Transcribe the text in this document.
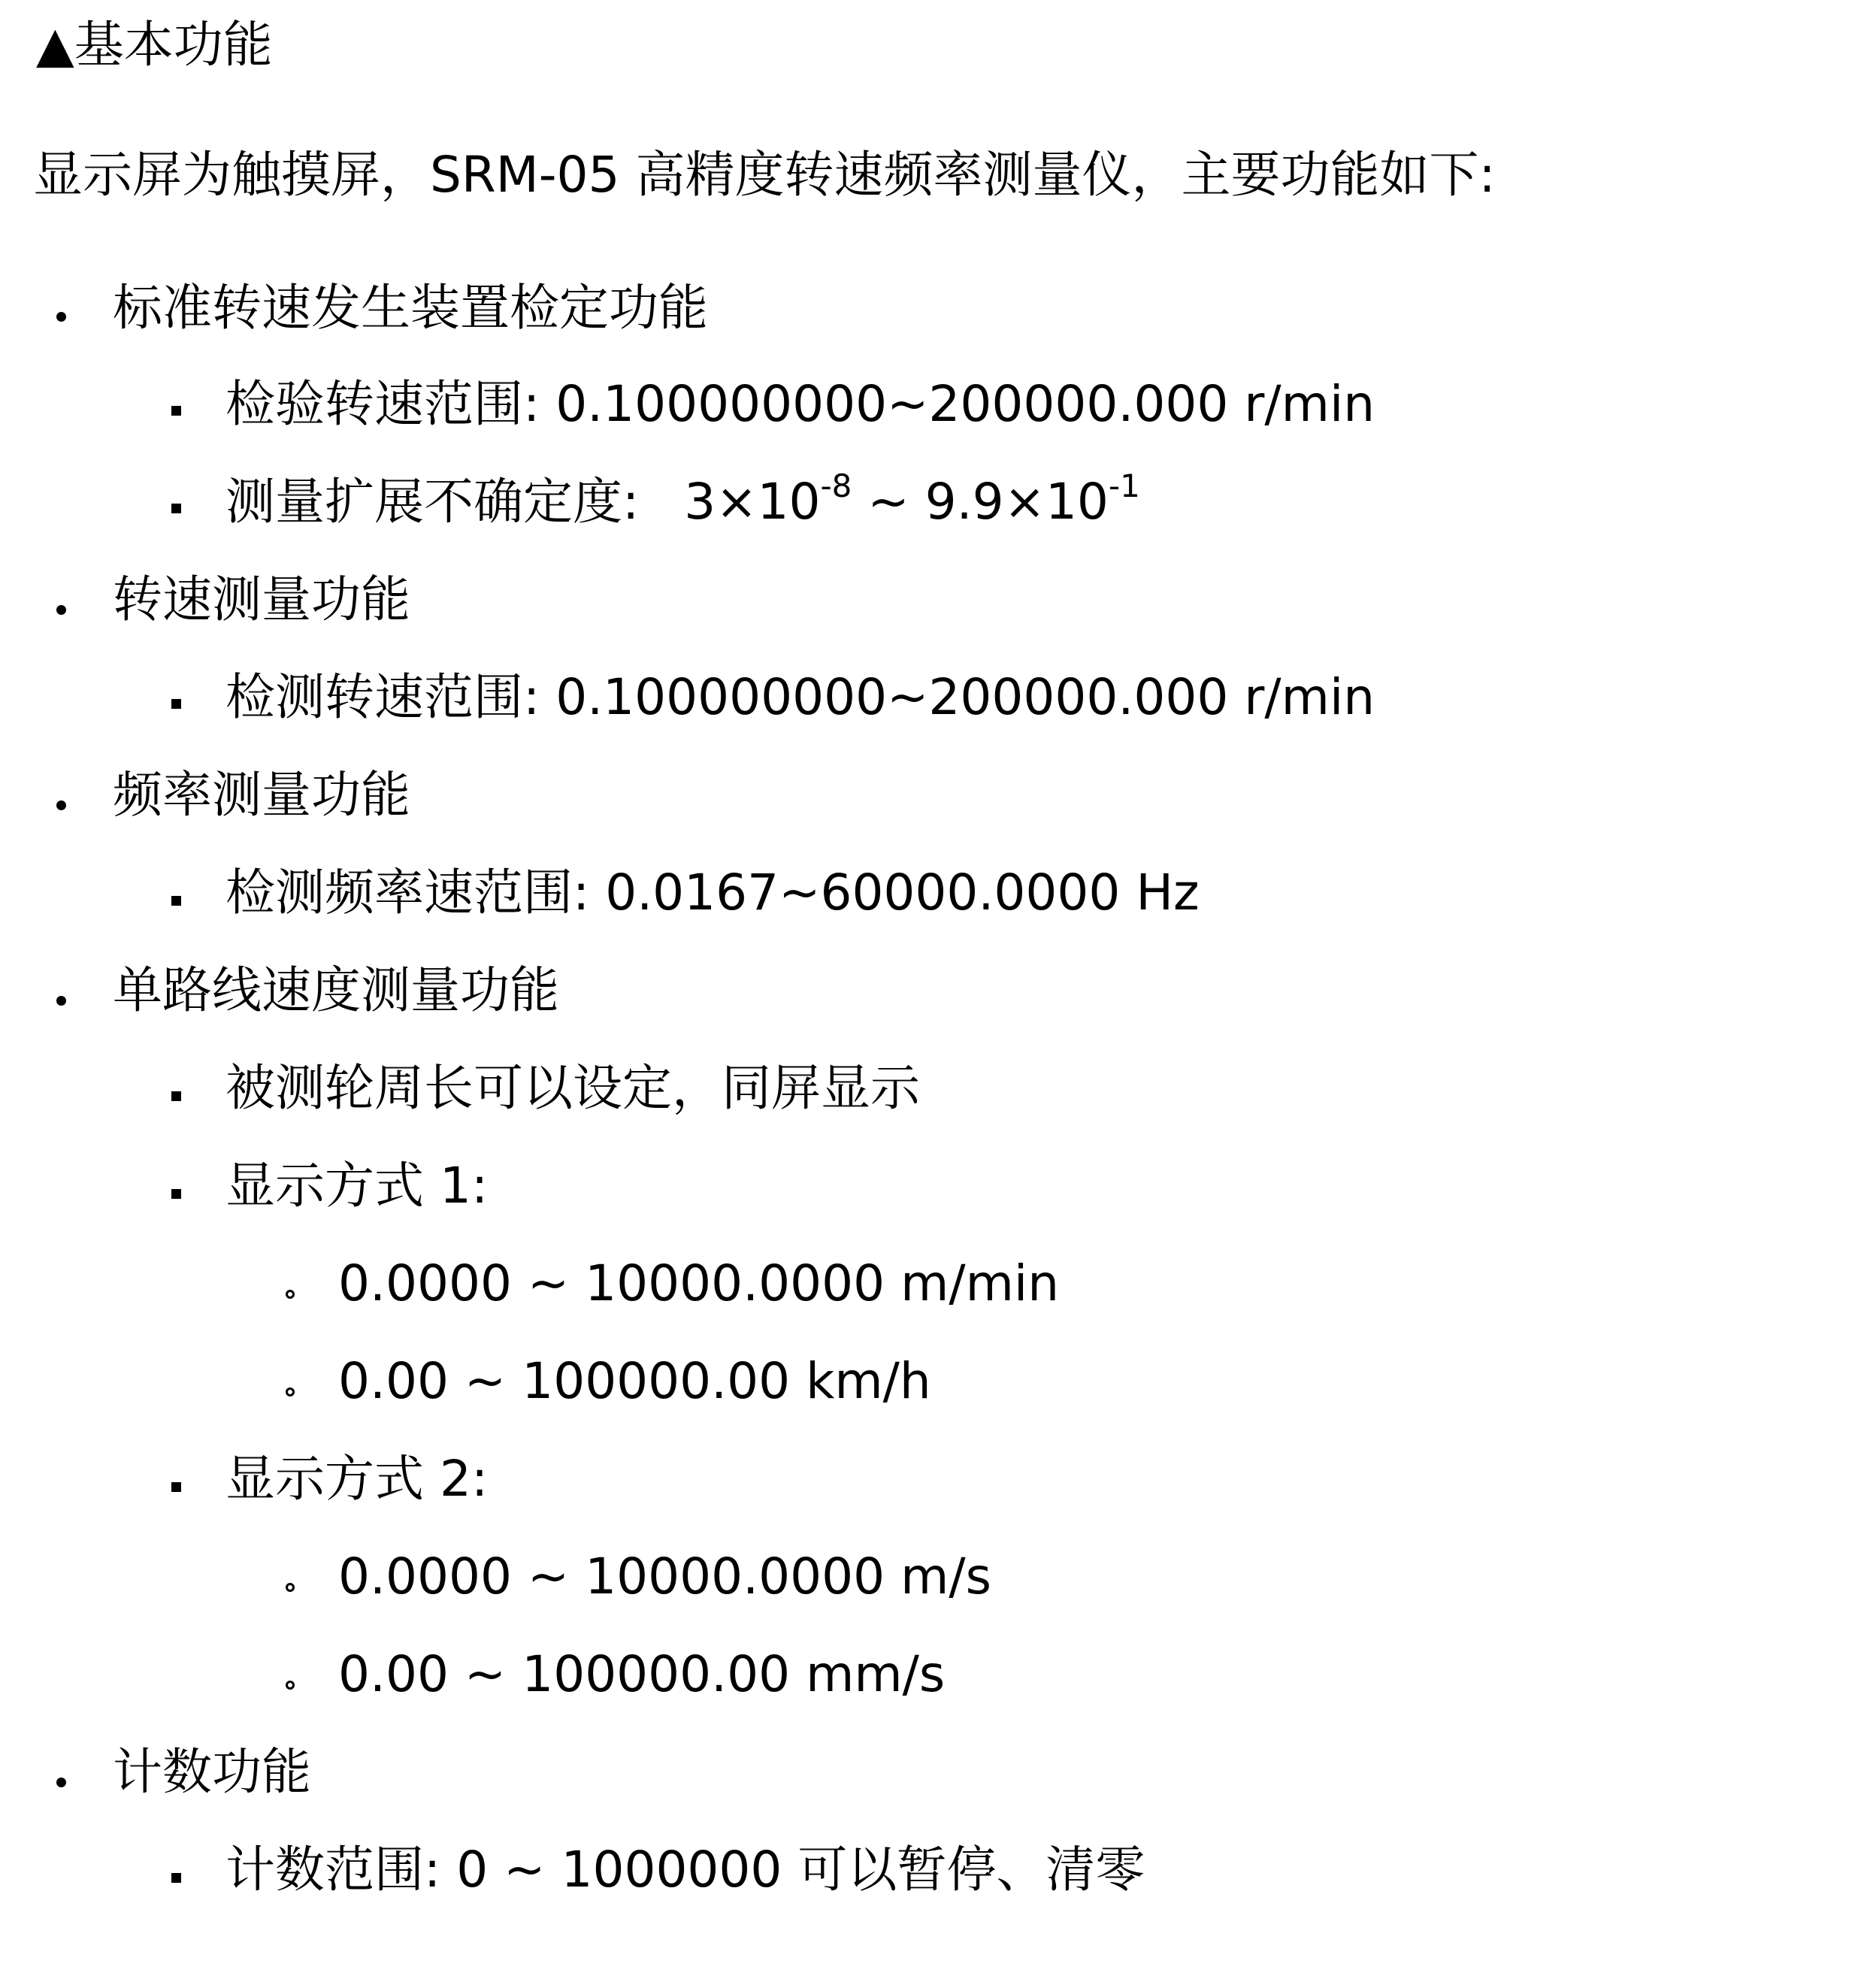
▲基本功能
显示屏为触摸屏，SRM-05 高精度转速频率测量仪，主要功能如下:
标准转速发生装置检定功能
检验转速范围: 0.100000000~200000.000 r/min
测量扩展不确定度: $3\times 10^{-8}$ ~ $9.9\times 10^{-1}$
转速测量功能
检测转速范围: 0.100000000~200000.000 r/min
频率测量功能
检测频率速范围: 0.0167~60000.0000 Hz
单路线速度测量功能
被测轮周长可以设定，同屏显示
显示方式 1:
0.0000 ~ 10000.0000 m/min
0.00 ~ 100000.00 km/h
显示方式 2:
0.0000 ~ 10000.0000 m/s
0.00 ~ 100000.00 mm/s
计数功能
计数范围: 0 ~ 1000000 可以暂停、清零
